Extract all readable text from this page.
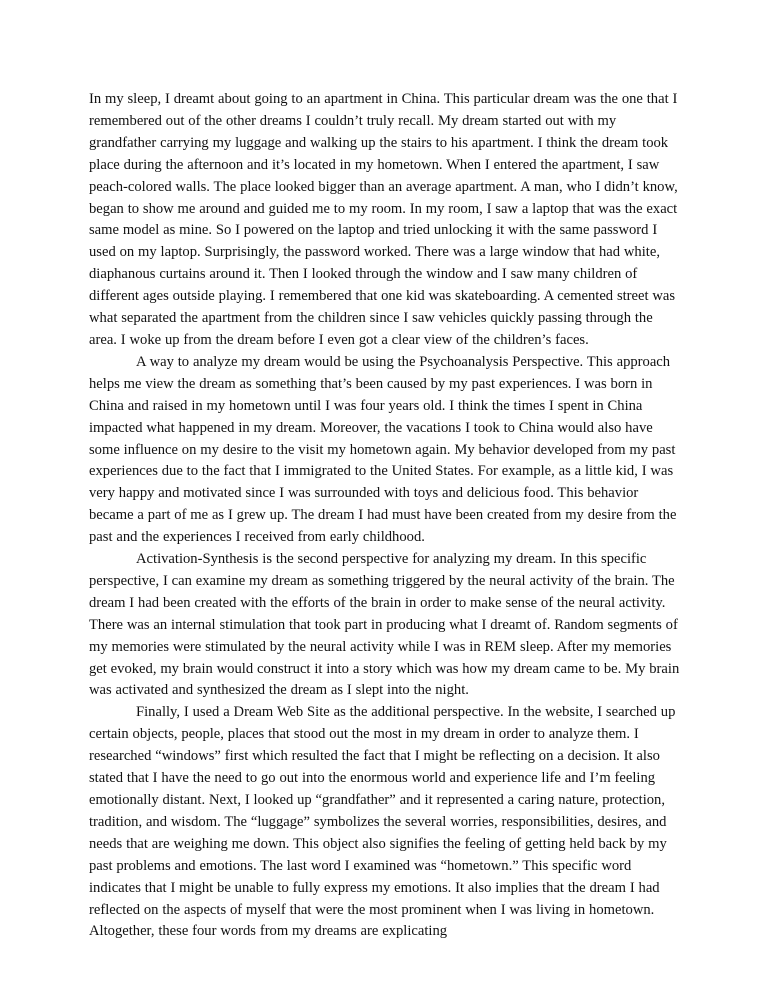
In my sleep, I dreamt about going to an apartment in China. This particular dream was the one that I remembered out of the other dreams I couldn’t truly recall. My dream started out with my grandfather carrying my luggage and walking up the stairs to his apartment. I think the dream took place during the afternoon and it’s located in my hometown. When I entered the apartment, I saw peach-colored walls. The place looked bigger than an average apartment. A man, who I didn’t know, began to show me around and guided me to my room. In my room, I saw a laptop that was the exact same model as mine. So I powered on the laptop and tried unlocking it with the same password I used on my laptop. Surprisingly, the password worked. There was a large window that had white, diaphanous curtains around it. Then I looked through the window and I saw many children of different ages outside playing. I remembered that one kid was skateboarding. A cemented street was what separated the apartment from the children since I saw vehicles quickly passing through the area. I woke up from the dream before I even got a clear view of the children’s faces.

A way to analyze my dream would be using the Psychoanalysis Perspective. This approach helps me view the dream as something that’s been caused by my past experiences. I was born in China and raised in my hometown until I was four years old. I think the times I spent in China impacted what happened in my dream. Moreover, the vacations I took to China would also have some influence on my desire to the visit my hometown again. My behavior developed from my past experiences due to the fact that I immigrated to the United States. For example, as a little kid, I was very happy and motivated since I was surrounded with toys and delicious food. This behavior became a part of me as I grew up. The dream I had must have been created from my desire from the past and the experiences I received from early childhood.

Activation-Synthesis is the second perspective for analyzing my dream. In this specific perspective, I can examine my dream as something triggered by the neural activity of the brain. The dream I had been created with the efforts of the brain in order to make sense of the neural activity. There was an internal stimulation that took part in producing what I dreamt of. Random segments of my memories were stimulated by the neural activity while I was in REM sleep. After my memories get evoked, my brain would construct it into a story which was how my dream came to be. My brain was activated and synthesized the dream as I slept into the night.

Finally, I used a Dream Web Site as the additional perspective. In the website, I searched up certain objects, people, places that stood out the most in my dream in order to analyze them. I researched “windows” first which resulted the fact that I might be reflecting on a decision. It also stated that I have the need to go out into the enormous world and experience life and I’m feeling emotionally distant. Next, I looked up “grandfather” and it represented a caring nature, protection, tradition, and wisdom. The “luggage” symbolizes the several worries, responsibilities, desires, and needs that are weighing me down. This object also signifies the feeling of getting held back by my past problems and emotions. The last word I examined was “hometown.” This specific word indicates that I might be unable to fully express my emotions. It also implies that the dream I had reflected on the aspects of myself that were the most prominent when I was living in hometown. Altogether, these four words from my dreams are explicating
